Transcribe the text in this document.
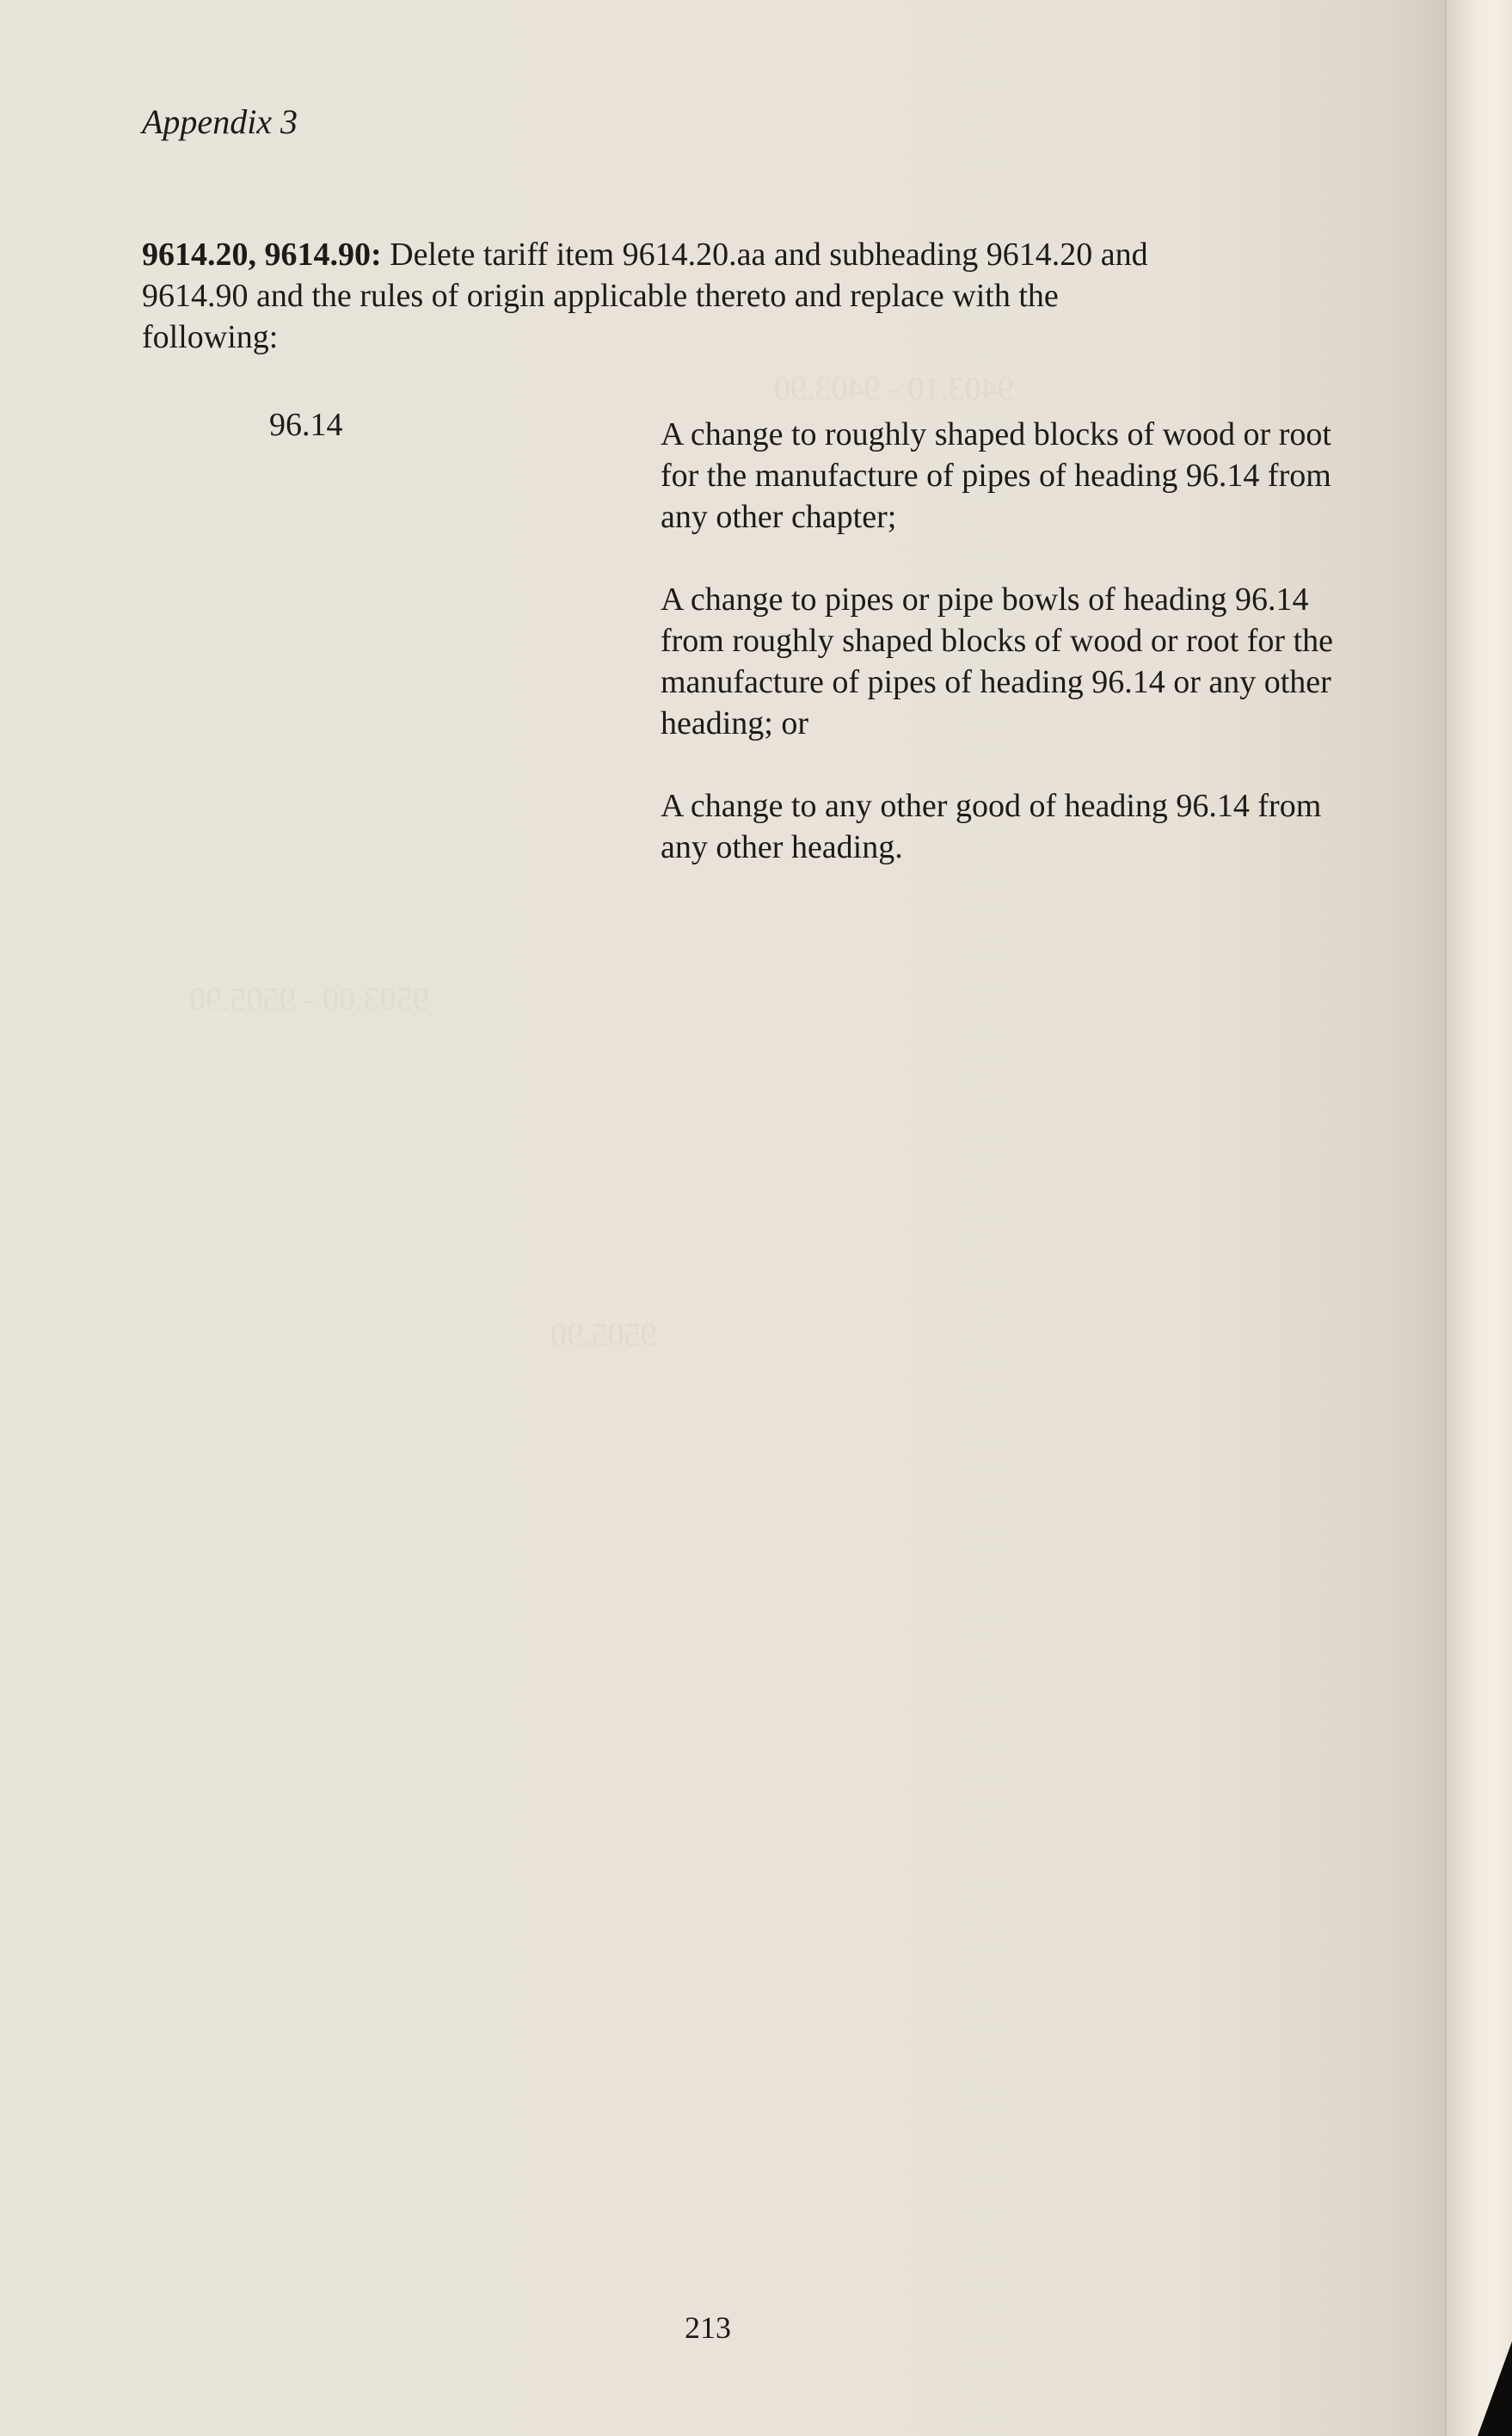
9403.10 - 9403.90
9503.00 - 9505.90
9505.90
Appendix 3
9614.20, 9614.90: Delete tariff item 9614.20.aa and subheading 9614.20 and 9614.90 and the rules of origin applicable thereto and replace with the following:
96.14	A change to roughly shaped blocks of wood or root for the manufacture of pipes of heading 96.14 from any other chapter;

A change to pipes or pipe bowls of heading 96.14 from roughly shaped blocks of wood or root for the manufacture of pipes of heading 96.14 or any other heading; or

A change to any other good of heading 96.14 from any other heading.

213
